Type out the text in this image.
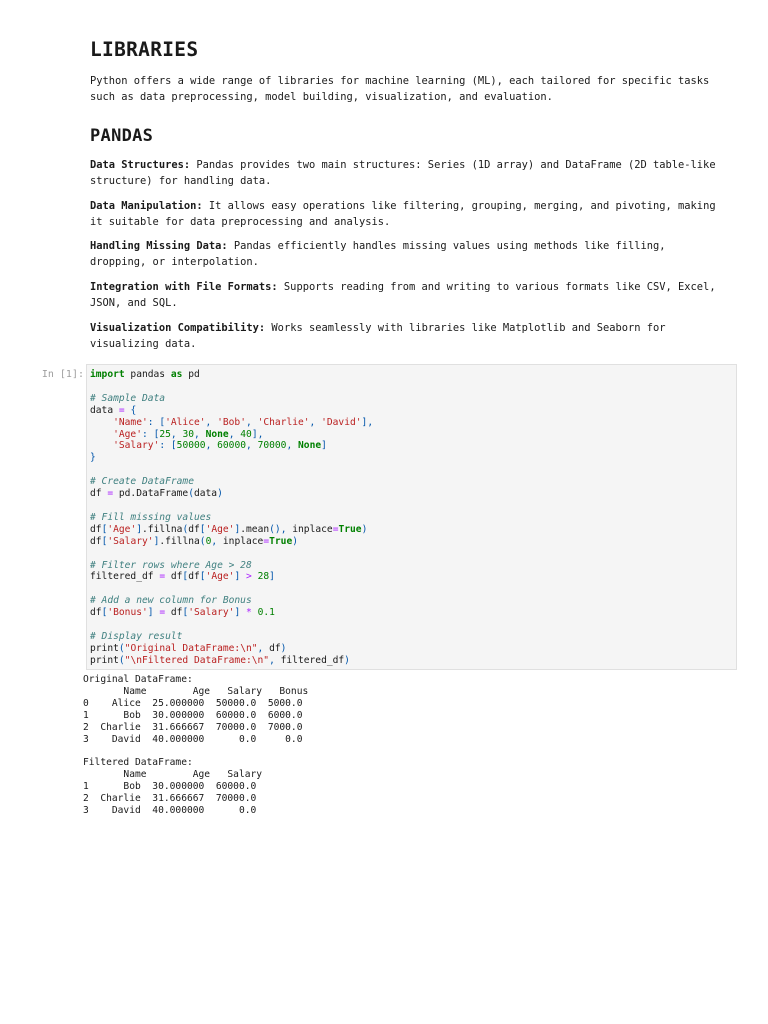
LIBRARIES

Python offers a wide range of libraries for machine learning (ML), each tailored for specific tasks such as data preprocessing, model building, visualization, and evaluation.

PANDAS

Data Structures: Pandas provides two main structures: Series (1D array) and DataFrame (2D table-like structure) for handling data.

Data Manipulation: It allows easy operations like filtering, grouping, merging, and pivoting, making it suitable for data preprocessing and analysis.

Handling Missing Data: Pandas efficiently handles missing values using methods like filling, dropping, or interpolation.

Integration with File Formats: Supports reading from and writing to various formats like CSV, Excel, JSON, and SQL.

Visualization Compatibility: Works seamlessly with libraries like Matplotlib and Seaborn for visualizing data.

In [1]: import pandas as pd

# Sample Data
data = {
'Name': ['Alice', 'Bob', 'Charlie', 'David'],
'Age': [25, 30, None, 40],
'Salary': [50000, 60000, 70000, None]
}

# Create DataFrame
df = pd.DataFrame(data)

# Fill missing values
df['Age'].fillna(df['Age'].mean(), inplace=True)
df['Salary'].fillna(0, inplace=True)

# Filter rows where Age > 28
filtered_df = df[df['Age'] > 28]

# Add a new column for Bonus
df['Bonus'] = df['Salary'] * 0.1

# Display result
print("Original DataFrame:\n", df)
print("\nFiltered DataFrame:\n", filtered_df)

Original DataFrame:
Name        Age   Salary   Bonus
0    Alice  25.000000  50000.0  5000.0
1      Bob  30.000000  60000.0  6000.0
2  Charlie  31.666667  70000.0  7000.0
3    David  40.000000      0.0     0.0

Filtered DataFrame:
Name        Age   Salary
1      Bob  30.000000  60000.0
2  Charlie  31.666667  70000.0
3    David  40.000000      0.0
